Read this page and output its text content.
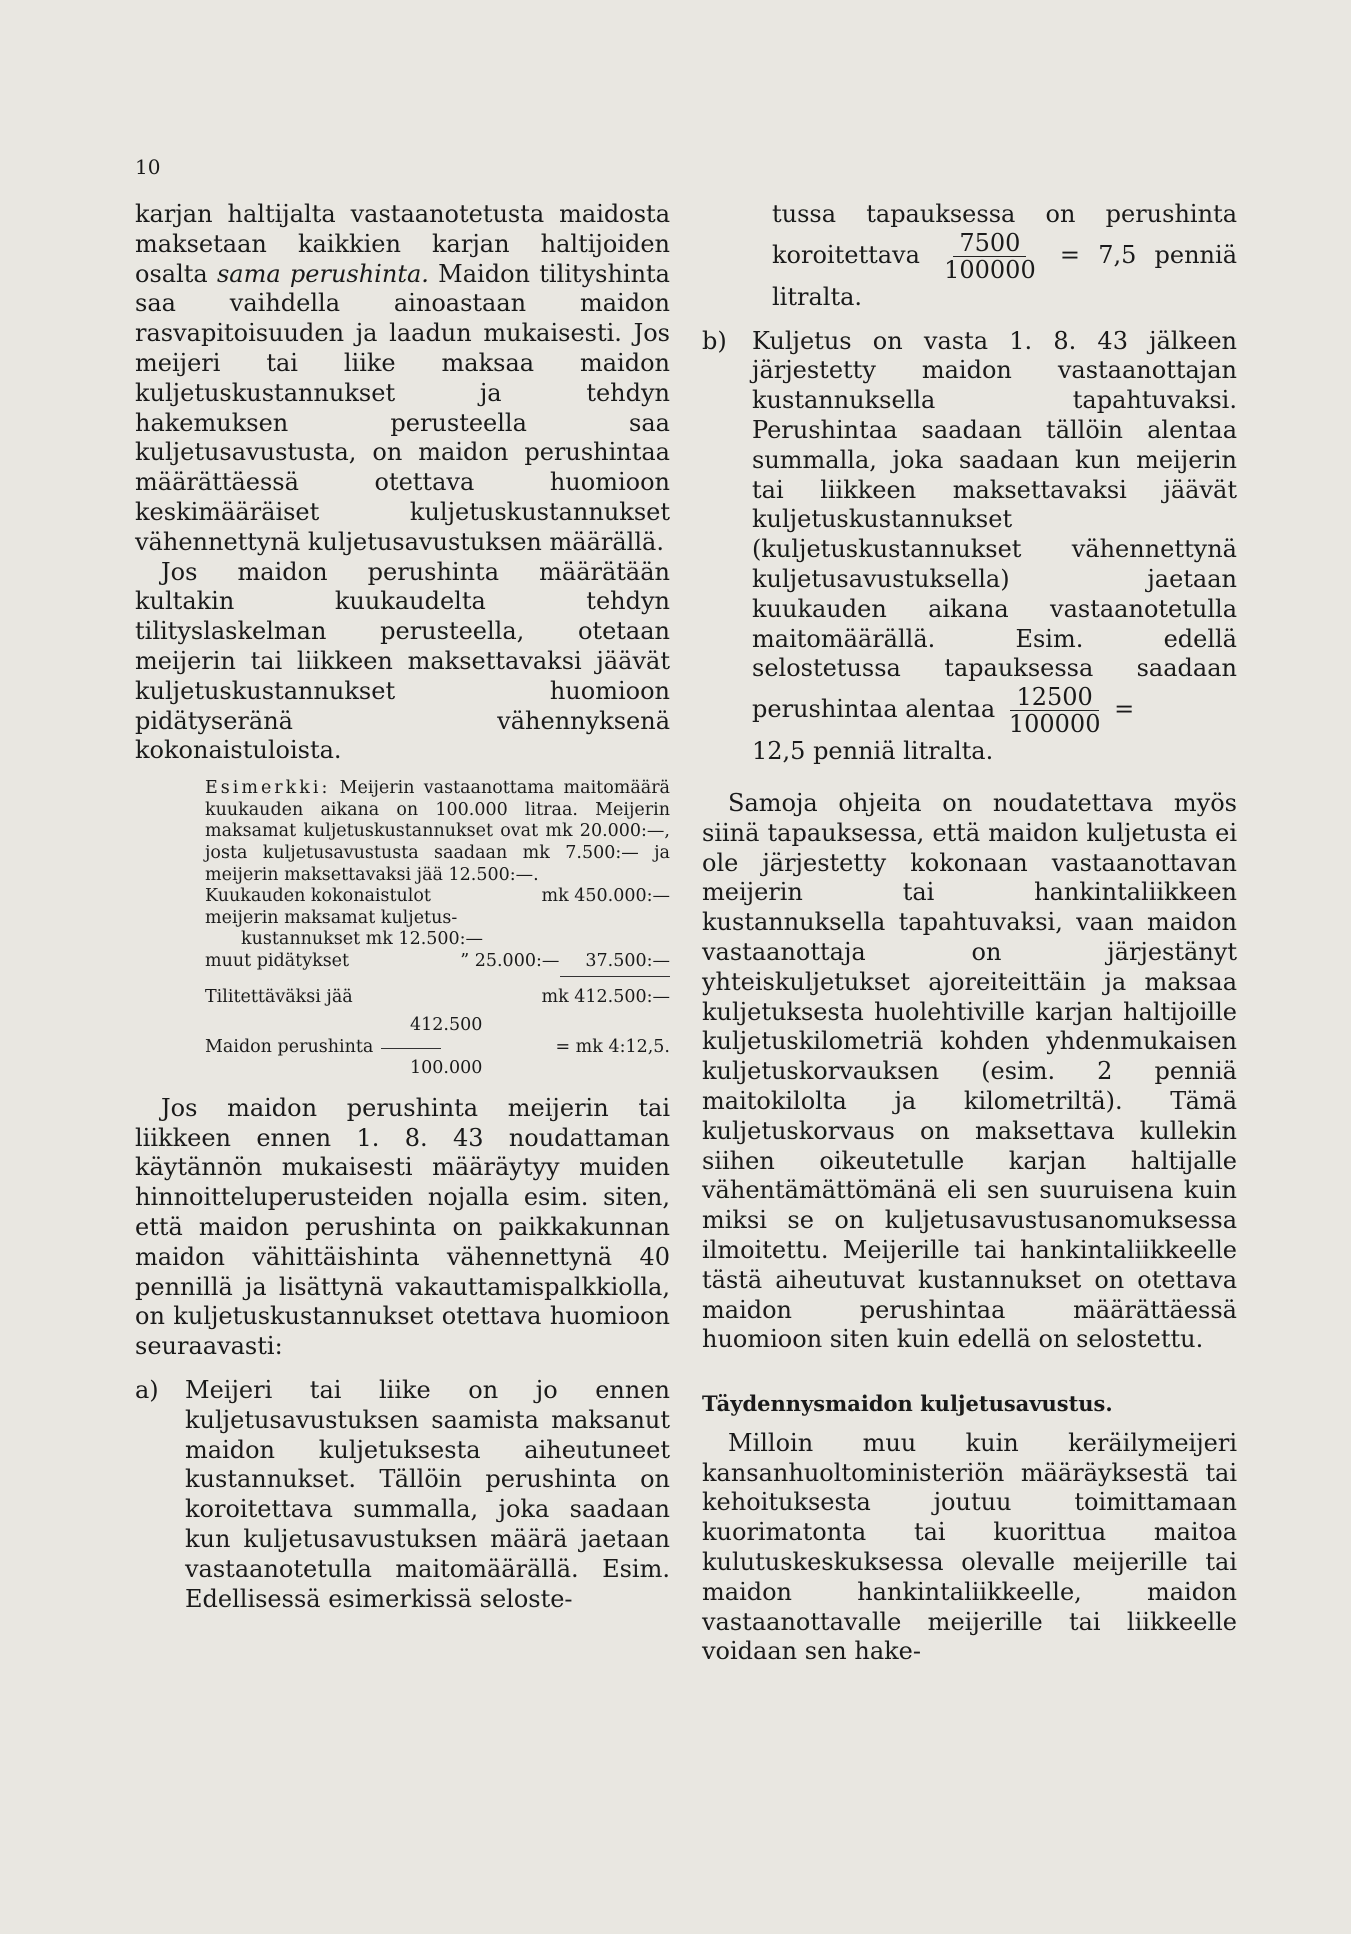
10

karjan haltijalta vastaanotetusta maidosta maksetaan kaikkien karjan haltijoiden osalta sama perushinta. Maidon tilityshinta saa vaihdella ainoastaan maidon rasvapitoisuuden ja laadun mukaisesti. Jos meijeri tai liike maksaa maidon kuljetuskustannukset ja tehdyn hakemuksen perusteella saa kuljetusavustusta, on maidon perushintaa määrättäessä otettava huomioon keskimääräiset kuljetuskustannukset vähennettynä kuljetusavustuksen määrällä.

Jos maidon perushinta määrätään kultakin kuukaudelta tehdyn tilityslaskelman perusteella, otetaan meijerin tai liikkeen maksettavaksi jäävät kuljetuskustannukset huomioon pidätyseränä vähennyksenä kokonaistuloista.

Esimerkki: Meijerin vastaanottama maitomäärä kuukauden aikana on 100.000 litraa. Meijerin maksamat kuljetuskustannukset ovat mk 20.000:—, josta kuljetusavustusta saadaan mk 7.500:— ja meijerin maksettavaksi jää 12.500:—.
Kuukauden kokonaistulot	mk 450.000:—
meijerin maksamat kuljetus-
kustannukset mk 12.500:—
muut pidätykset	” 25.000:— 37.500:—
Tilitettäväksi jää	mk 412.500:—
412.500
Maidon perushinta	= mk 4:12,5.
100.000

Jos maidon perushinta meijerin tai liikkeen ennen 1. 8. 43 noudattaman käytännön mukaisesti määräytyy muiden hinnoitteluperusteiden nojalla esim. siten, että maidon perushinta on paikkakunnan maidon vähittäishinta vähennettynä 40 pennillä ja lisättynä vakauttamispalkkiolla, on kuljetuskustannukset otettava huomioon seuraavasti:

a)	Meijeri tai liike on jo ennen kuljetusavustuksen saamista maksanut maidon kuljetuksesta aiheutuneet kustannukset. Tällöin perushinta on koroitettava summalla, joka saadaan kun kuljetusavustuksen määrä jaetaan vastaanotetulla maitomäärällä. Esim. Edellisessä esimerkissä seloste-
tussa tapauksessa on perushinta koroitettava $\frac{7500}{100000} = 7,5$ penniä litralta.
b)	Kuljetus on vasta 1. 8. 43 jälkeen järjestetty maidon vastaanottajan kustannuksella tapahtuvaksi. Perushintaa saadaan tällöin alentaa summalla, joka saadaan kun meijerin tai liikkeen maksettavaksi jäävät kuljetuskustannukset (kuljetuskustannukset vähennettynä kuljetusavustuksella) jaetaan kuukauden aikana vastaanotetulla maitomäärällä. Esim. edellä selostetussa tapauksessa saadaan perushintaa alentaa $\frac{12500}{100000}$ =
12,5 penniä litralta.

Samoja ohjeita on noudatettava myös siinä tapauksessa, että maidon kuljetusta ei ole järjestetty kokonaan vastaanottavan meijerin tai hankintaliikkeen kustannuksella tapahtuvaksi, vaan maidon vastaanottaja on järjestänyt yhteiskuljetukset ajoreiteittäin ja maksaa kuljetuksesta huolehtiville karjan haltijoille kuljetuskilometriä kohden yhdenmukaisen kuljetuskorvauksen (esim. 2 penniä maitokilolta ja kilometriltä). Tämä kuljetuskorvaus on maksettava kullekin siihen oikeutetulle karjan haltijalle vähentämättömänä eli sen suuruisena kuin miksi se on kuljetusavustusanomuksessa ilmoitettu. Meijerille tai hankintaliikkeelle tästä aiheutuvat kustannukset on otettava maidon perushintaa määrättäessä huomioon siten kuin edellä on selostettu.

Täydennysmaidon kuljetusavustus.

Milloin muu kuin keräilymeijeri kansanhuoltoministeriön määräyksestä tai kehoituksesta joutuu toimittamaan kuorimatonta tai kuorittua maitoa kulutuskeskuksessa olevalle meijerille tai maidon hankintaliikkeelle, maidon vastaanottavalle meijerille tai liikkeelle voidaan sen hake-
